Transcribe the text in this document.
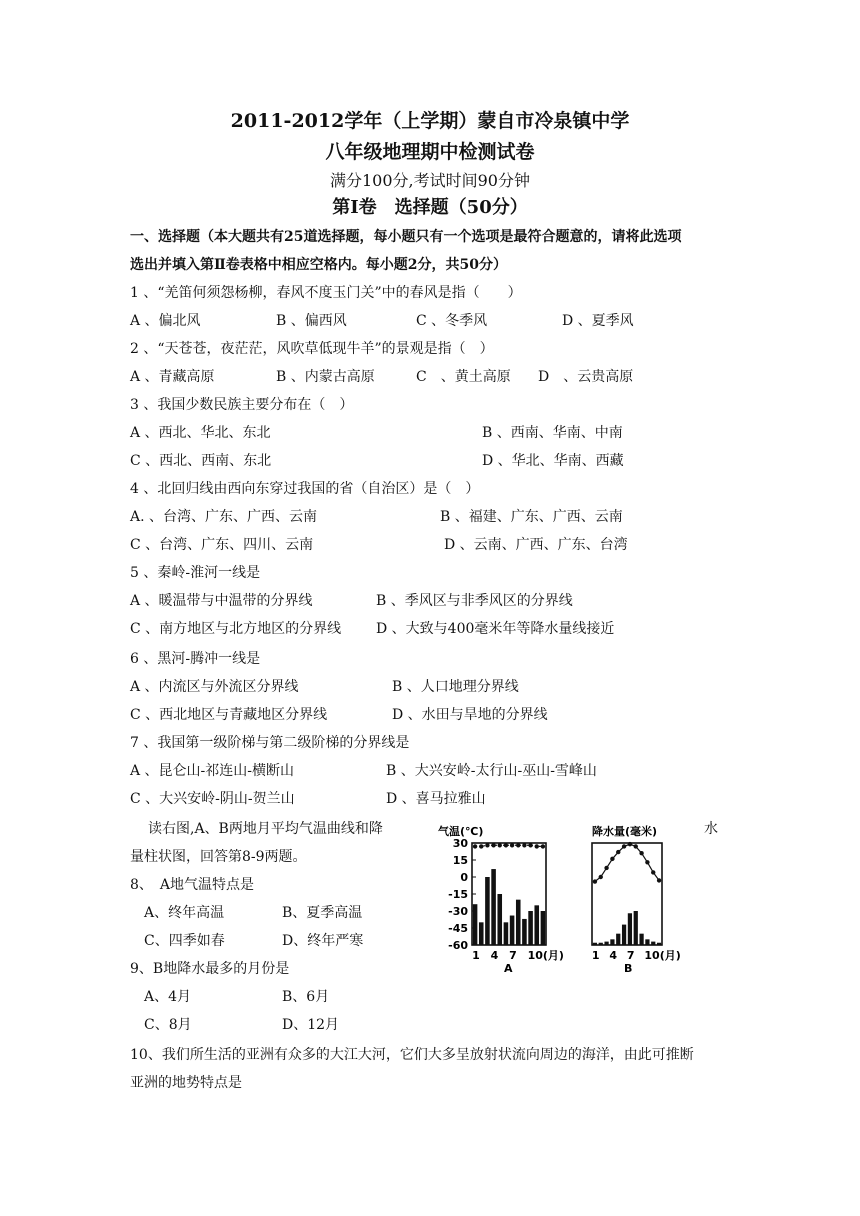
2011-2012学年（上学期）蒙自市冷泉镇中学
八年级地理期中检测试卷
满分100分,考试时间90分钟
第Ⅰ卷　选择题（50分）
一、选择题（本大题共有25道选择题，每小题只有一个选项是最符合题意的，请将此选项
选出并填入第Ⅱ卷表格中相应空格内。每小题2分，共50分）
1 、“羌笛何须怨杨柳，春风不度玉门关”中的春风是指（　　）
A 、偏北风	B 、偏西风	C 、冬季风	D 、夏季风
2 、“天苍苍，夜茫茫，风吹草低现牛羊”的景观是指（　）
A 、青藏高原	B 、内蒙古高原	C　、黄土高原 D　、云贵高原
3 、我国少数民族主要分布在（　）
A 、西北、华北、东北	B 、西南、华南、中南
C 、西北、西南、东北	D 、华北、华南、西藏
4 、北回归线由西向东穿过我国的省（自治区）是（　）
A. 、台湾、广东、广西、云南	B 、福建、广东、广西、云南
C 、台湾、广东、四川、云南	D 、云南、广西、广东、台湾
5 、秦岭-淮河一线是
A 、暖温带与中温带的分界线	B 、季风区与非季风区的分界线
C 、南方地区与北方地区的分界线 D 、大致与400毫米年等降水量线接近
6 、黑河-腾冲一线是
A 、内流区与外流区分界线	B 、人口地理分界线
C 、西北地区与青藏地区分界线	D 、水田与旱地的分界线
7 、我国第一级阶梯与第二级阶梯的分界线是
A 、昆仑山-祁连山-横断山	B 、大兴安岭-太行山-巫山-雪峰山
C 、大兴安岭-阴山-贺兰山	D 、喜马拉雅山
读右图,A、B两地月平均气温曲线和降	水
量柱状图，回答第8-9两题。
8、　A地气温特点是
A、终年高温	B、夏季高温
C、四季如春	D、终年严寒
9、B地降水最多的月份是
A、4月	B、6月
C、8月	D、12月
10、我们所生活的亚洲有众多的大江大河，它们大多呈放射状流向周边的海洋，由此可推断
亚洲的地势特点是
气温(℃)
30
15
0
-15
-30
-45
-60
1 4 7 10(月)
A
降水量(毫米)
1 4 7 10(月)
B
